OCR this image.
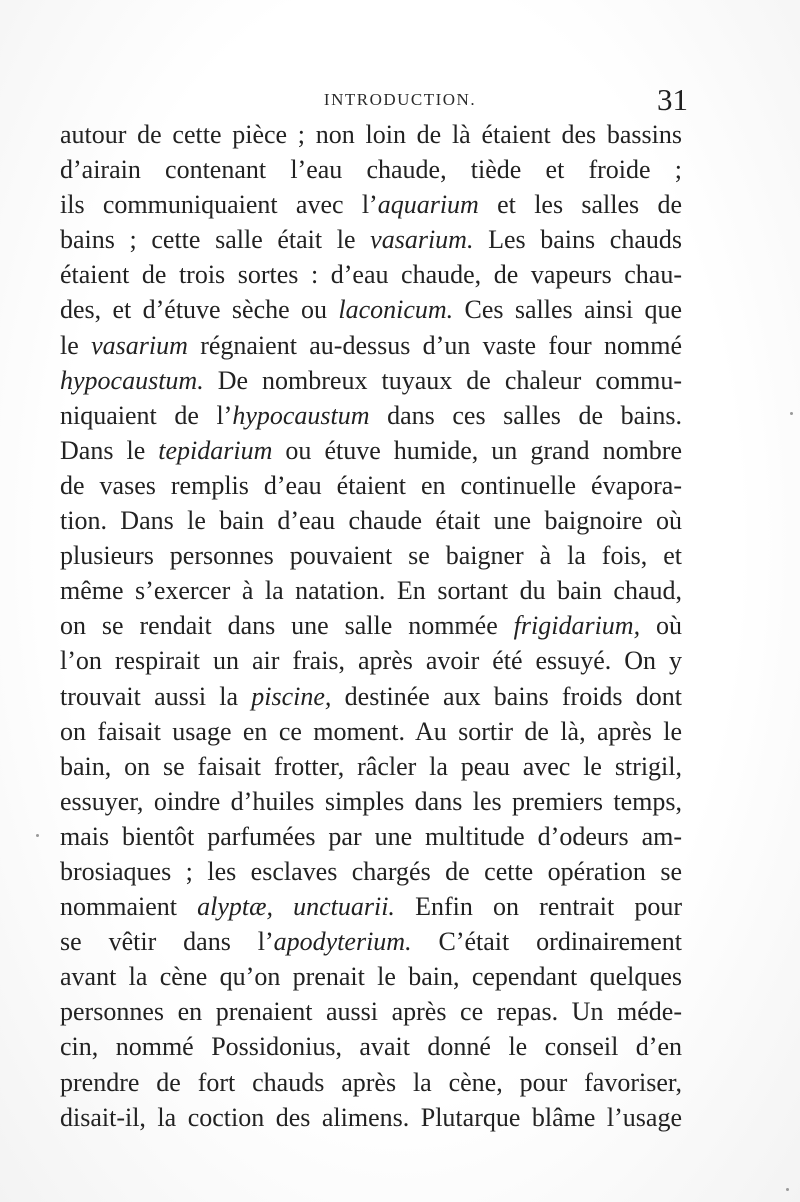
INTRODUCTION.	31
autour de cette pièce ; non loin de là étaient des bassins
d’airain contenant l’eau chaude, tiède et froide ;
ils communiquaient avec l’aquarium et les salles de
bains ; cette salle était le vasarium. Les bains chauds
étaient de trois sortes : d’eau chaude, de vapeurs chau-
des, et d’étuve sèche ou laconicum. Ces salles ainsi que
le vasarium régnaient au-dessus d’un vaste four nommé
hypocaustum. De nombreux tuyaux de chaleur commu-
niquaient de l’hypocaustum dans ces salles de bains.
Dans le tepidarium ou étuve humide, un grand nombre
de vases remplis d’eau étaient en continuelle évapora-
tion. Dans le bain d’eau chaude était une baignoire où
plusieurs personnes pouvaient se baigner à la fois, et
même s’exercer à la natation. En sortant du bain chaud,
on se rendait dans une salle nommée frigidarium, où
l’on respirait un air frais, après avoir été essuyé. On y
trouvait aussi la piscine, destinée aux bains froids dont
on faisait usage en ce moment. Au sortir de là, après le
bain, on se faisait frotter, râcler la peau avec le strigil,
essuyer, oindre d’huiles simples dans les premiers temps,
mais bientôt parfumées par une multitude d’odeurs am-
brosiaques ; les esclaves chargés de cette opération se
nommaient alyptæ, unctuarii. Enfin on rentrait pour
se vêtir dans l’apodyterium. C’était ordinairement
avant la cène qu’on prenait le bain, cependant quelques
personnes en prenaient aussi après ce repas. Un méde-
cin, nommé Possidonius, avait donné le conseil d’en
prendre de fort chauds après la cène, pour favoriser,
disait-il, la coction des alimens. Plutarque blâme l’usage
